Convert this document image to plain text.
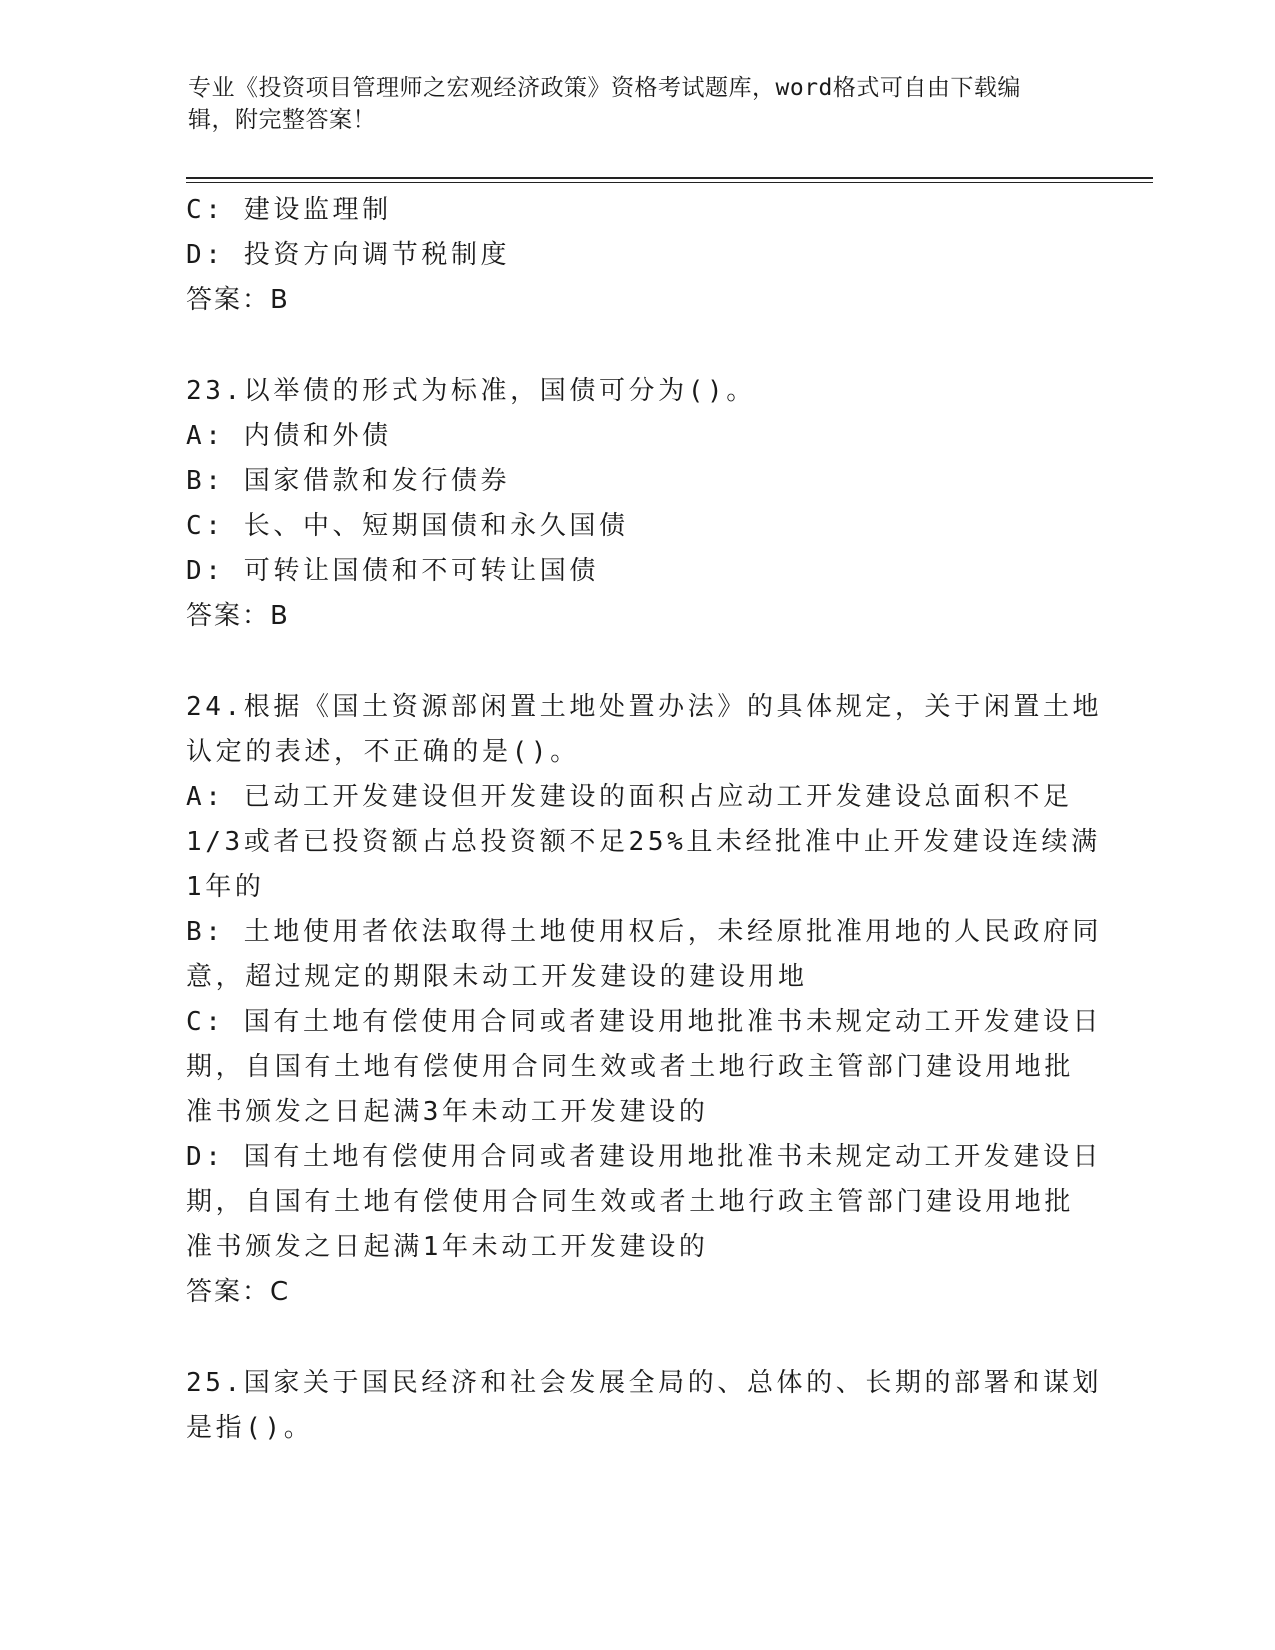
专业《投资项目管理师之宏观经济政策》资格考试题库，word格式可自由下载编
辑，附完整答案！

C: 建设监理制

D: 投资方向调节税制度

答案：B

23.以举债的形式为标准，国债可分为()。

A: 内债和外债

B: 国家借款和发行债券

C: 长、中、短期国债和永久国债

D: 可转让国债和不可转让国债

答案：B

24.根据《国土资源部闲置土地处置办法》的具体规定，关于闲置土地

认定的表述，不正确的是()。

A: 已动工开发建设但开发建设的面积占应动工开发建设总面积不足

1/3或者已投资额占总投资额不足25%且未经批准中止开发建设连续满

1年的

B: 土地使用者依法取得土地使用权后，未经原批准用地的人民政府同

意，超过规定的期限未动工开发建设的建设用地

C: 国有土地有偿使用合同或者建设用地批准书未规定动工开发建设日

期，自国有土地有偿使用合同生效或者土地行政主管部门建设用地批

准书颁发之日起满3年未动工开发建设的

D: 国有土地有偿使用合同或者建设用地批准书未规定动工开发建设日

期，自国有土地有偿使用合同生效或者土地行政主管部门建设用地批

准书颁发之日起满1年未动工开发建设的

答案：C

25.国家关于国民经济和社会发展全局的、总体的、长期的部署和谋划

是指()。
